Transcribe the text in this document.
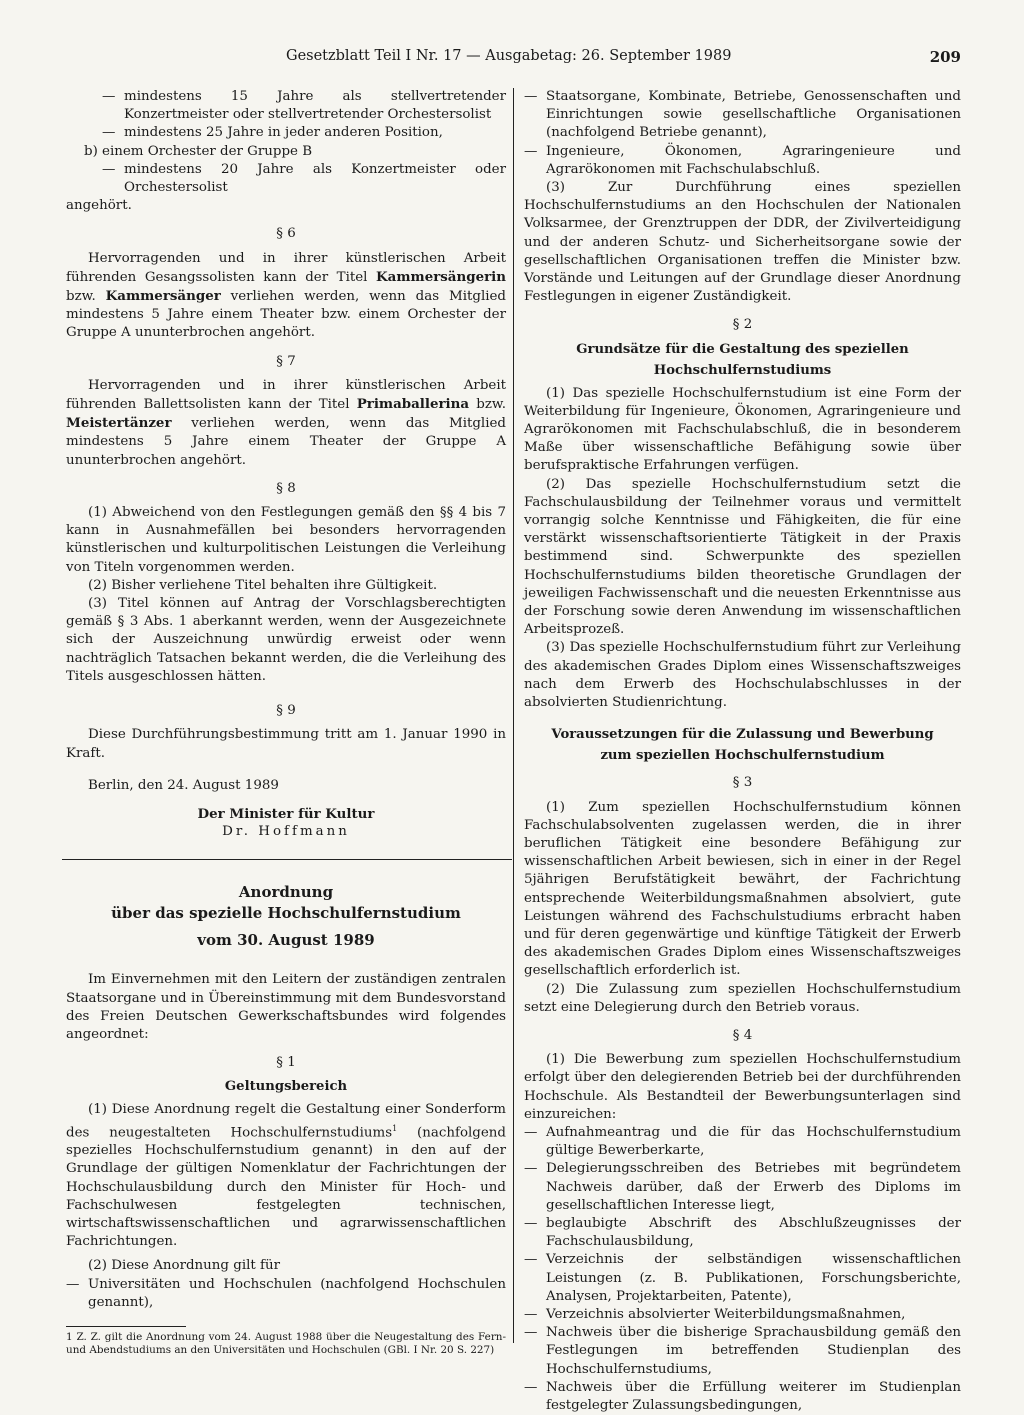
Gesetzblatt Teil I Nr. 17 — Ausgabetag: 26. September 1989	209
— mindestens 15 Jahre als stellvertretender Konzertmeister oder stellvertretender Orchestersolist
— mindestens 25 Jahre in jeder anderen Position,

b) einem Orchester der Gruppe B

— mindestens 20 Jahre als Konzertmeister oder Orchestersolist

angehört.

§ 6

Hervorragenden und in ihrer künstlerischen Arbeit führenden Gesangssolisten kann der Titel Kammersängerin bzw. Kammersänger verliehen werden, wenn das Mitglied mindestens 5 Jahre einem Theater bzw. einem Orchester der Gruppe A ununterbrochen angehört.

§ 7

Hervorragenden und in ihrer künstlerischen Arbeit führenden Ballettsolisten kann der Titel Primaballerina bzw. Meistertänzer verliehen werden, wenn das Mitglied mindestens 5 Jahre einem Theater der Gruppe A ununterbrochen angehört.

§ 8

(1) Abweichend von den Festlegungen gemäß den §§ 4 bis 7 kann in Ausnahmefällen bei besonders hervorragenden künstlerischen und kulturpolitischen Leistungen die Verleihung von Titeln vorgenommen werden.

(2) Bisher verliehene Titel behalten ihre Gültigkeit.

(3) Titel können auf Antrag der Vorschlagsberechtigten gemäß § 3 Abs. 1 aberkannt werden, wenn der Ausgezeichnete sich der Auszeichnung unwürdig erweist oder wenn nachträglich Tatsachen bekannt werden, die die Verleihung des Titels ausgeschlossen hätten.

§ 9

Diese Durchführungsbestimmung tritt am 1. Januar 1990 in Kraft.

Berlin, den 24. August 1989

Der Minister für Kultur
Dr. Hoffmann
Anordnung
über das spezielle Hochschulfernstudium
vom 30. August 1989

Im Einvernehmen mit den Leitern der zuständigen zentralen Staatsorgane und in Übereinstimmung mit dem Bundesvorstand des Freien Deutschen Gewerkschaftsbundes wird folgendes angeordnet:

§ 1
Geltungsbereich

(1) Diese Anordnung regelt die Gestaltung einer Sonderform des neugestalteten Hochschulfernstudiums$^1$ (nachfolgend spezielles Hochschulfernstudium genannt) in den auf der Grundlage der gültigen Nomenklatur der Fachrichtungen der Hochschulausbildung durch den Minister für Hoch- und Fachschulwesen festgelegten technischen, wirtschaftswissenschaftlichen und agrarwissenschaftlichen Fachrichtungen.

(2) Diese Anordnung gilt für

— Universitäten und Hochschulen (nachfolgend Hochschulen genannt),

1 Z. Z. gilt die Anordnung vom 24. August 1988 über die Neugestaltung des Fern- und Abendstudiums an den Universitäten und Hochschulen (GBl. I Nr. 20 S. 227)

— Staatsorgane, Kombinate, Betriebe, Genossenschaften und Einrichtungen sowie gesellschaftliche Organisationen (nachfolgend Betriebe genannt),
— Ingenieure, Ökonomen, Agraringenieure und Agrarökonomen mit Fachschulabschluß.

(3) Zur Durchführung eines speziellen Hochschulfernstudiums an den Hochschulen der Nationalen Volksarmee, der Grenztruppen der DDR, der Zivilverteidigung und der anderen Schutz- und Sicherheitsorgane sowie der gesellschaftlichen Organisationen treffen die Minister bzw. Vorstände und Leitungen auf der Grundlage dieser Anordnung Festlegungen in eigener Zuständigkeit.

§ 2
Grundsätze für die Gestaltung des speziellen
Hochschulfernstudiums

(1) Das spezielle Hochschulfernstudium ist eine Form der Weiterbildung für Ingenieure, Ökonomen, Agraringenieure und Agrarökonomen mit Fachschulabschluß, die in besonderem Maße über wissenschaftliche Befähigung sowie über berufspraktische Erfahrungen verfügen.

(2) Das spezielle Hochschulfernstudium setzt die Fachschulausbildung der Teilnehmer voraus und vermittelt vorrangig solche Kenntnisse und Fähigkeiten, die für eine verstärkt wissenschaftsorientierte Tätigkeit in der Praxis bestimmend sind. Schwerpunkte des speziellen Hochschulfernstudiums bilden theoretische Grundlagen der jeweiligen Fachwissenschaft und die neuesten Erkenntnisse aus der Forschung sowie deren Anwendung im wissenschaftlichen Arbeitsprozeß.

(3) Das spezielle Hochschulfernstudium führt zur Verleihung des akademischen Grades Diplom eines Wissenschaftszweiges nach dem Erwerb des Hochschulabschlusses in der absolvierten Studienrichtung.

Voraussetzungen für die Zulassung und Bewerbung
zum speziellen Hochschulfernstudium
§ 3

(1) Zum speziellen Hochschulfernstudium können Fachschulabsolventen zugelassen werden, die in ihrer beruflichen Tätigkeit eine besondere Befähigung zur wissenschaftlichen Arbeit bewiesen, sich in einer in der Regel 5jährigen Berufstätigkeit bewährt, der Fachrichtung entsprechende Weiterbildungsmaßnahmen absolviert, gute Leistungen während des Fachschulstudiums erbracht haben und für deren gegenwärtige und künftige Tätigkeit der Erwerb des akademischen Grades Diplom eines Wissenschaftszweiges gesellschaftlich erforderlich ist.

(2) Die Zulassung zum speziellen Hochschulfernstudium setzt eine Delegierung durch den Betrieb voraus.

§ 4

(1) Die Bewerbung zum speziellen Hochschulfernstudium erfolgt über den delegierenden Betrieb bei der durchführenden Hochschule. Als Bestandteil der Bewerbungsunterlagen sind einzureichen:

— Aufnahmeantrag und die für das Hochschulfernstudium gültige Bewerberkarte,
— Delegierungsschreiben des Betriebes mit begründetem Nachweis darüber, daß der Erwerb des Diploms im gesellschaftlichen Interesse liegt,
— beglaubigte Abschrift des Abschlußzeugnisses der Fachschulausbildung,
— Verzeichnis der selbständigen wissenschaftlichen Leistungen (z. B. Publikationen, Forschungsberichte, Analysen, Projektarbeiten, Patente),
— Verzeichnis absolvierter Weiterbildungsmaßnahmen,
— Nachweis über die bisherige Sprachausbildung gemäß den Festlegungen im betreffenden Studienplan des Hochschulfernstudiums,
— Nachweis über die Erfüllung weiterer im Studienplan festgelegter Zulassungsbedingungen,
